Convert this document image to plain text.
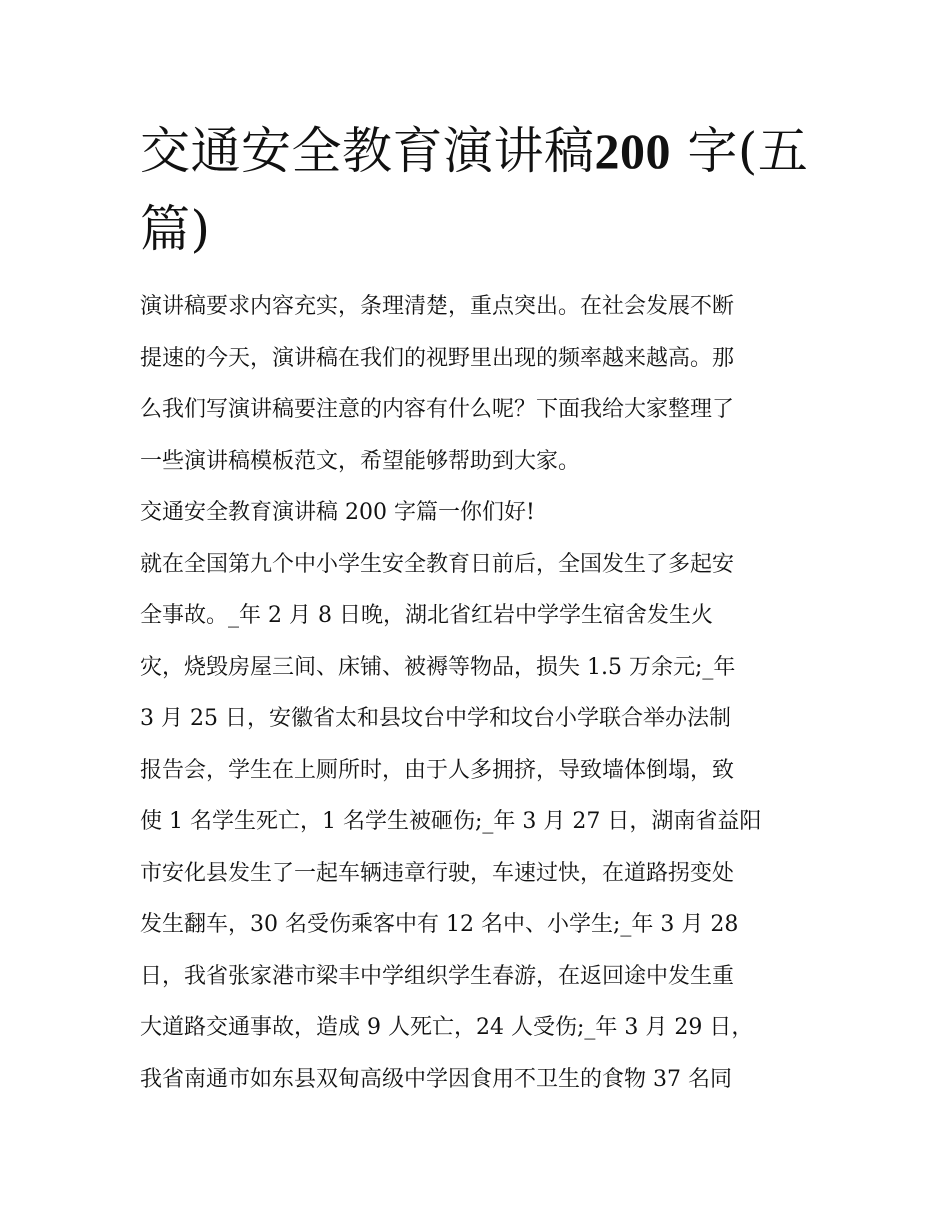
交通安全教育演讲稿200 字(五
篇)

演讲稿要求内容充实，条理清楚，重点突出。在社会发展不断
提速的今天，演讲稿在我们的视野里出现的频率越来越高。那
么我们写演讲稿要注意的内容有什么呢？下面我给大家整理了
一些演讲稿模板范文，希望能够帮助到大家。

交通安全教育演讲稿 200 字篇一你们好!

就在全国第九个中小学生安全教育日前后，全国发生了多起安
全事故。_年 2 月 8 日晚，湖北省红岩中学学生宿舍发生火
灾，烧毁房屋三间、床铺、被褥等物品，损失 1.5 万余元;_年
3 月 25 日，安徽省太和县坟台中学和坟台小学联合举办法制
报告会，学生在上厕所时，由于人多拥挤，导致墙体倒塌，致
使 1 名学生死亡，1 名学生被砸伤;_年 3 月 27 日，湖南省益阳
市安化县发生了一起车辆违章行驶，车速过快，在道路拐变处
发生翻车，30 名受伤乘客中有 12 名中、小学生;_年 3 月 28
日，我省张家港市梁丰中学组织学生春游，在返回途中发生重
大道路交通事故，造成 9 人死亡，24 人受伤;_年 3 月 29 日，
我省南通市如东县双甸高级中学因食用不卫生的食物 37 名同
